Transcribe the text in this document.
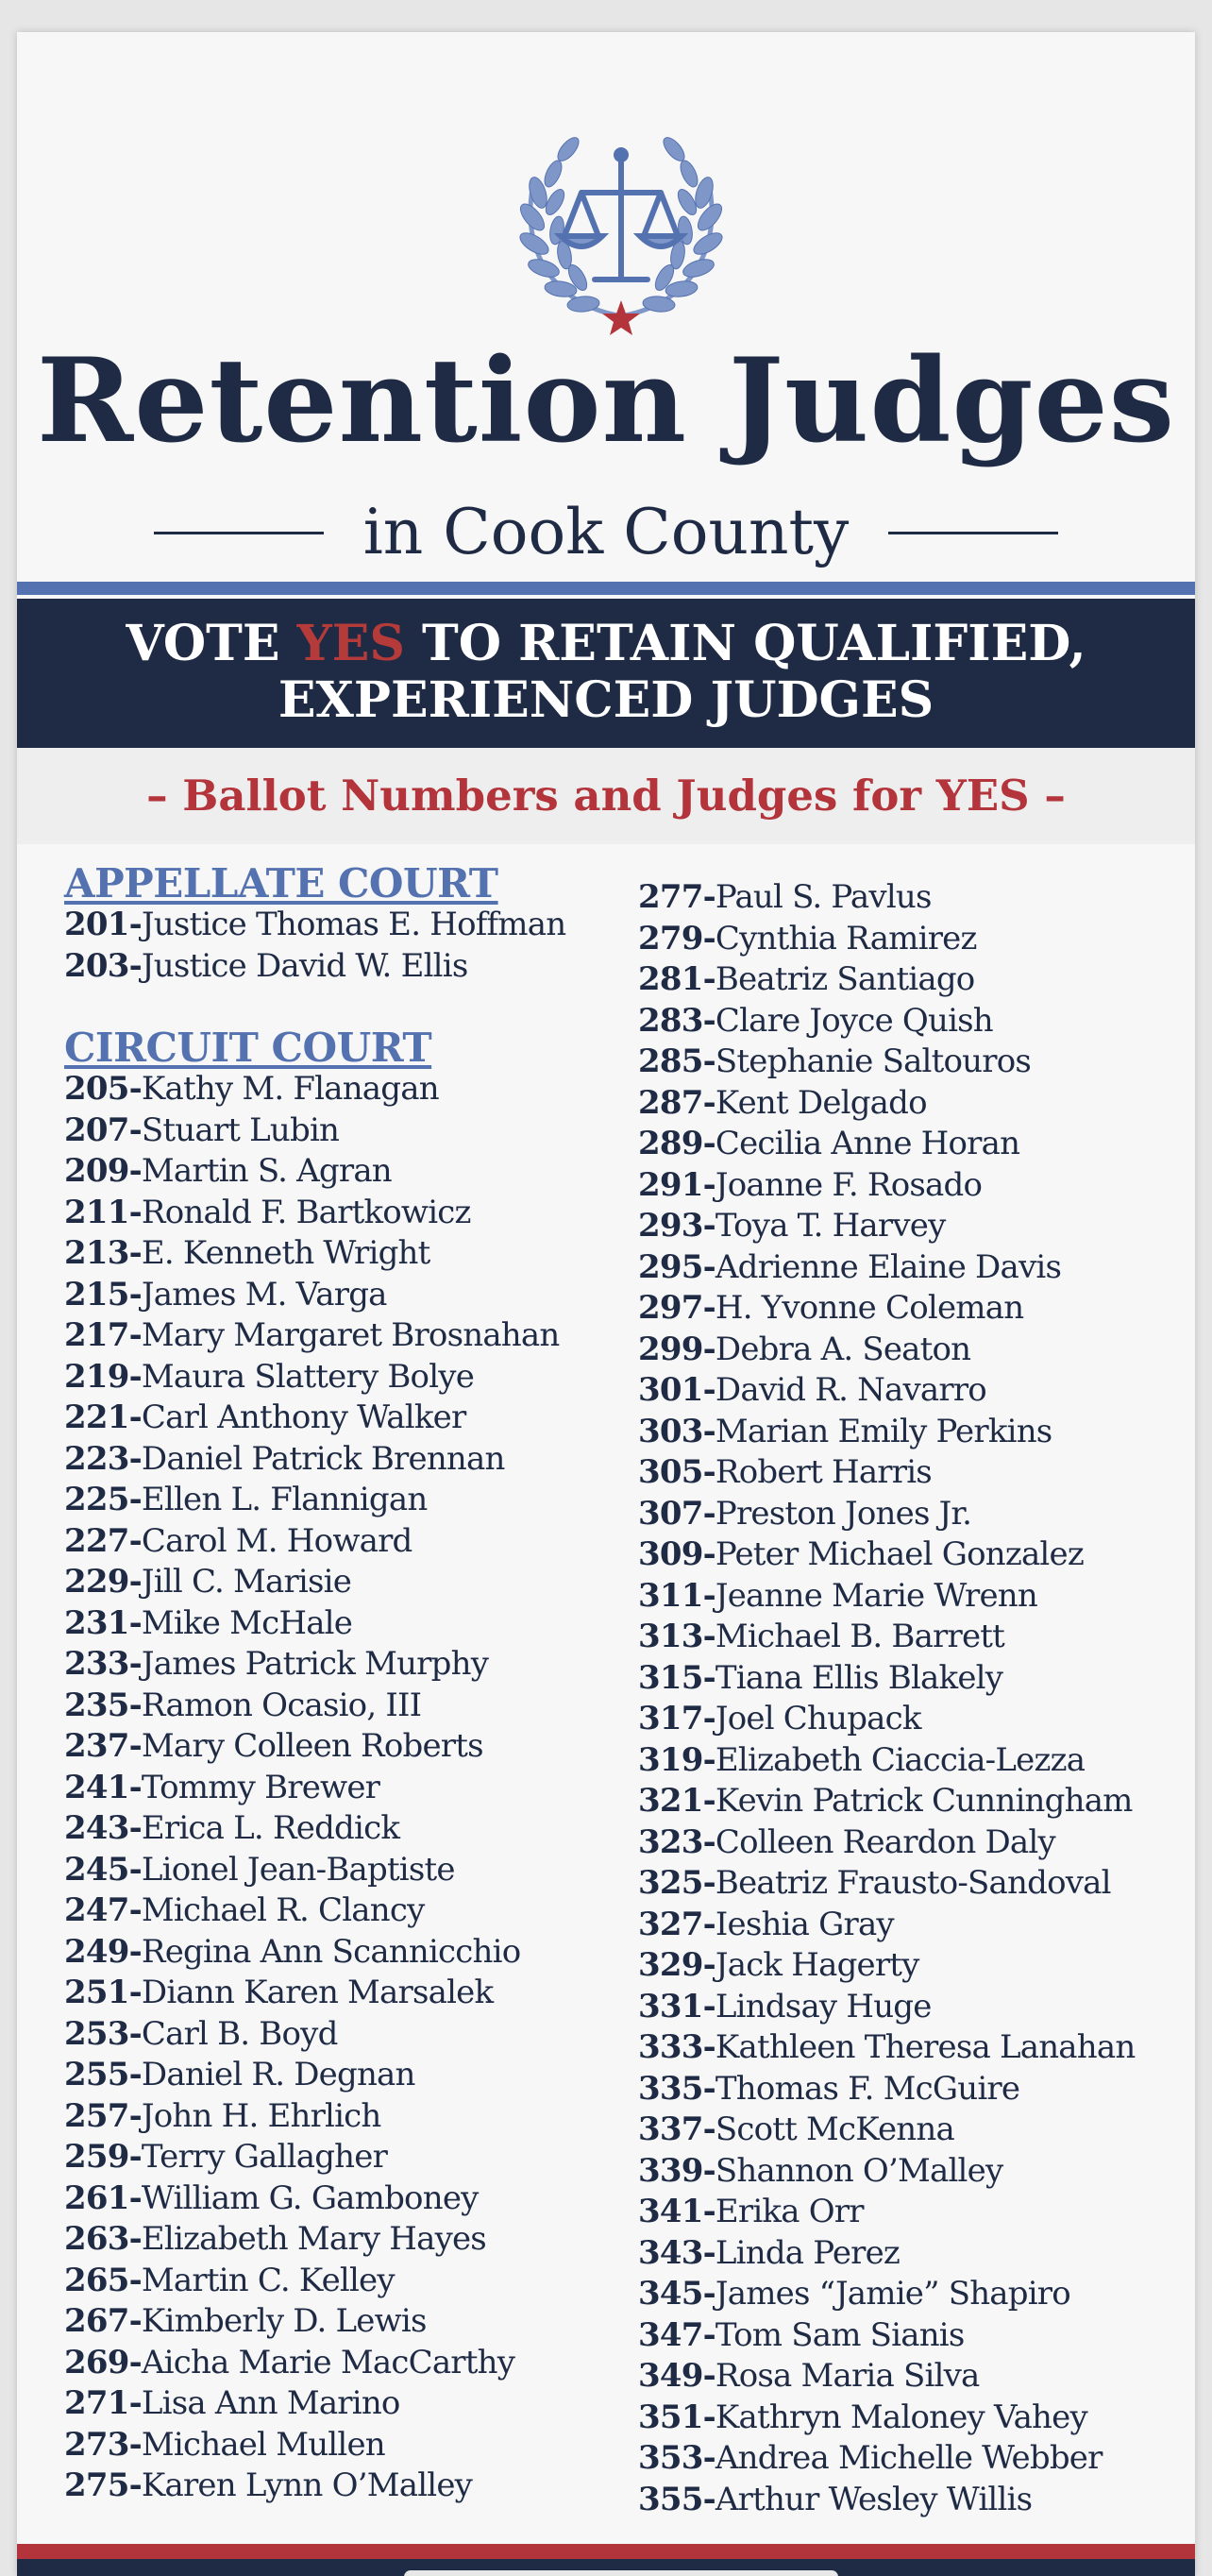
Retention Judges
in Cook County
VOTE YES TO RETAIN QUALIFIED,
EXPERIENCED JUDGES
– Ballot Numbers and Judges for YES –
APPELLATE COURT
201-Justice Thomas E. Hoffman
203-Justice David W. Ellis
CIRCUIT COURT
205-Kathy M. Flanagan
207-Stuart Lubin
209-Martin S. Agran
211-Ronald F. Bartkowicz
213-E. Kenneth Wright
215-James M. Varga
217-Mary Margaret Brosnahan
219-Maura Slattery Bolye
221-Carl Anthony Walker
223-Daniel Patrick Brennan
225-Ellen L. Flannigan
227-Carol M. Howard
229-Jill C. Marisie
231-Mike McHale
233-James Patrick Murphy
235-Ramon Ocasio, III
237-Mary Colleen Roberts
241-Tommy Brewer
243-Erica L. Reddick
245-Lionel Jean-Baptiste
247-Michael R. Clancy
249-Regina Ann Scannicchio
251-Diann Karen Marsalek
253-Carl B. Boyd
255-Daniel R. Degnan
257-John H. Ehrlich
259-Terry Gallagher
261-William G. Gamboney
263-Elizabeth Mary Hayes
265-Martin C. Kelley
267-Kimberly D. Lewis
269-Aicha Marie MacCarthy
271-Lisa Ann Marino
273-Michael Mullen
275-Karen Lynn O’Malley
277-Paul S. Pavlus
279-Cynthia Ramirez
281-Beatriz Santiago
283-Clare Joyce Quish
285-Stephanie Saltouros
287-Kent Delgado
289-Cecilia Anne Horan
291-Joanne F. Rosado
293-Toya T. Harvey
295-Adrienne Elaine Davis
297-H. Yvonne Coleman
299-Debra A. Seaton
301-David R. Navarro
303-Marian Emily Perkins
305-Robert Harris
307-Preston Jones Jr.
309-Peter Michael Gonzalez
311-Jeanne Marie Wrenn
313-Michael B. Barrett
315-Tiana Ellis Blakely
317-Joel Chupack
319-Elizabeth Ciaccia-Lezza
321-Kevin Patrick Cunningham
323-Colleen Reardon Daly
325-Beatriz Frausto-Sandoval
327-Ieshia Gray
329-Jack Hagerty
331-Lindsay Huge
333-Kathleen Theresa Lanahan
335-Thomas F. McGuire
337-Scott McKenna
339-Shannon O’Malley
341-Erika Orr
343-Linda Perez
345-James “Jamie” Shapiro
347-Tom Sam Sianis
349-Rosa Maria Silva
351-Kathryn Maloney Vahey
353-Andrea Michelle Webber
355-Arthur Wesley Willis
